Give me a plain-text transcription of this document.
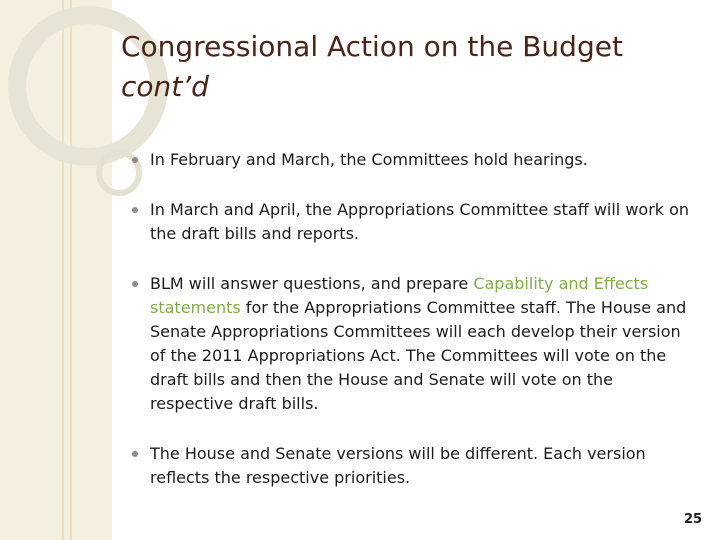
Congressional Action on the Budget
cont’d
In February and March, the Committees hold hearings.
In March and April, the Appropriations Committee staff will work on the draft bills and reports.
BLM will answer questions, and prepare Capability and Effects statements for the Appropriations Committee staff. The House and Senate Appropriations Committees will each develop their version of the 2011 Appropriations Act. The Committees will vote on the draft bills and then the House and Senate will vote on the respective draft bills.
The House and Senate versions will be different. Each version reflects the respective priorities.
25
